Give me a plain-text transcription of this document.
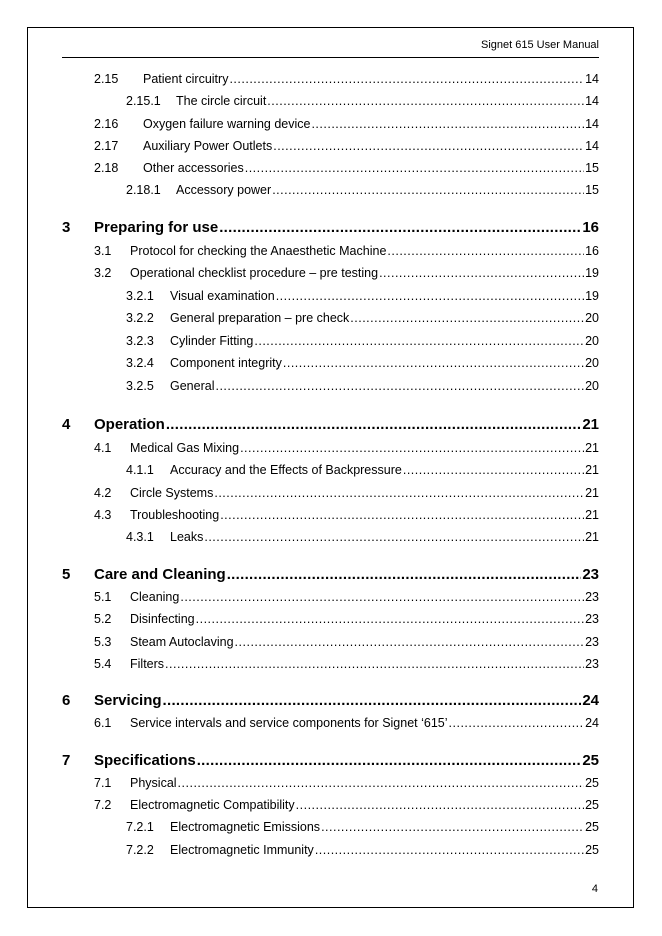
Signet 615 User Manual
2.15	Patient circuitry .....	14
2.15.1	The circle circuit .....	14
2.16	Oxygen failure warning device .....	14
2.17	Auxiliary Power Outlets .....	14
2.18	Other accessories .....	15
2.18.1	Accessory power .....	15
3	Preparing for use .....	16
3.1	Protocol for checking the Anaesthetic Machine .....	16
3.2	Operational checklist procedure – pre testing .....	19
3.2.1	Visual examination .....	19
3.2.2	General preparation – pre check .....	20
3.2.3	Cylinder Fitting .....	20
3.2.4	Component integrity .....	20
3.2.5	General .....	20
4	Operation .....	21
4.1	Medical Gas Mixing .....	21
4.1.1	Accuracy and the Effects of Backpressure .....	21
4.2	Circle Systems .....	21
4.3	Troubleshooting .....	21
4.3.1	Leaks .....	21
5	Care and Cleaning .....	23
5.1	Cleaning .....	23
5.2	Disinfecting .....	23
5.3	Steam Autoclaving .....	23
5.4	Filters .....	23
6	Servicing .....	24
6.1	Service intervals and service components for Signet ‘615’ .....	24
7	Specifications .....	25
7.1	Physical .....	25
7.2	Electromagnetic Compatibility .....	25
7.2.1	Electromagnetic Emissions .....	25
7.2.2	Electromagnetic Immunity .....	25
4
